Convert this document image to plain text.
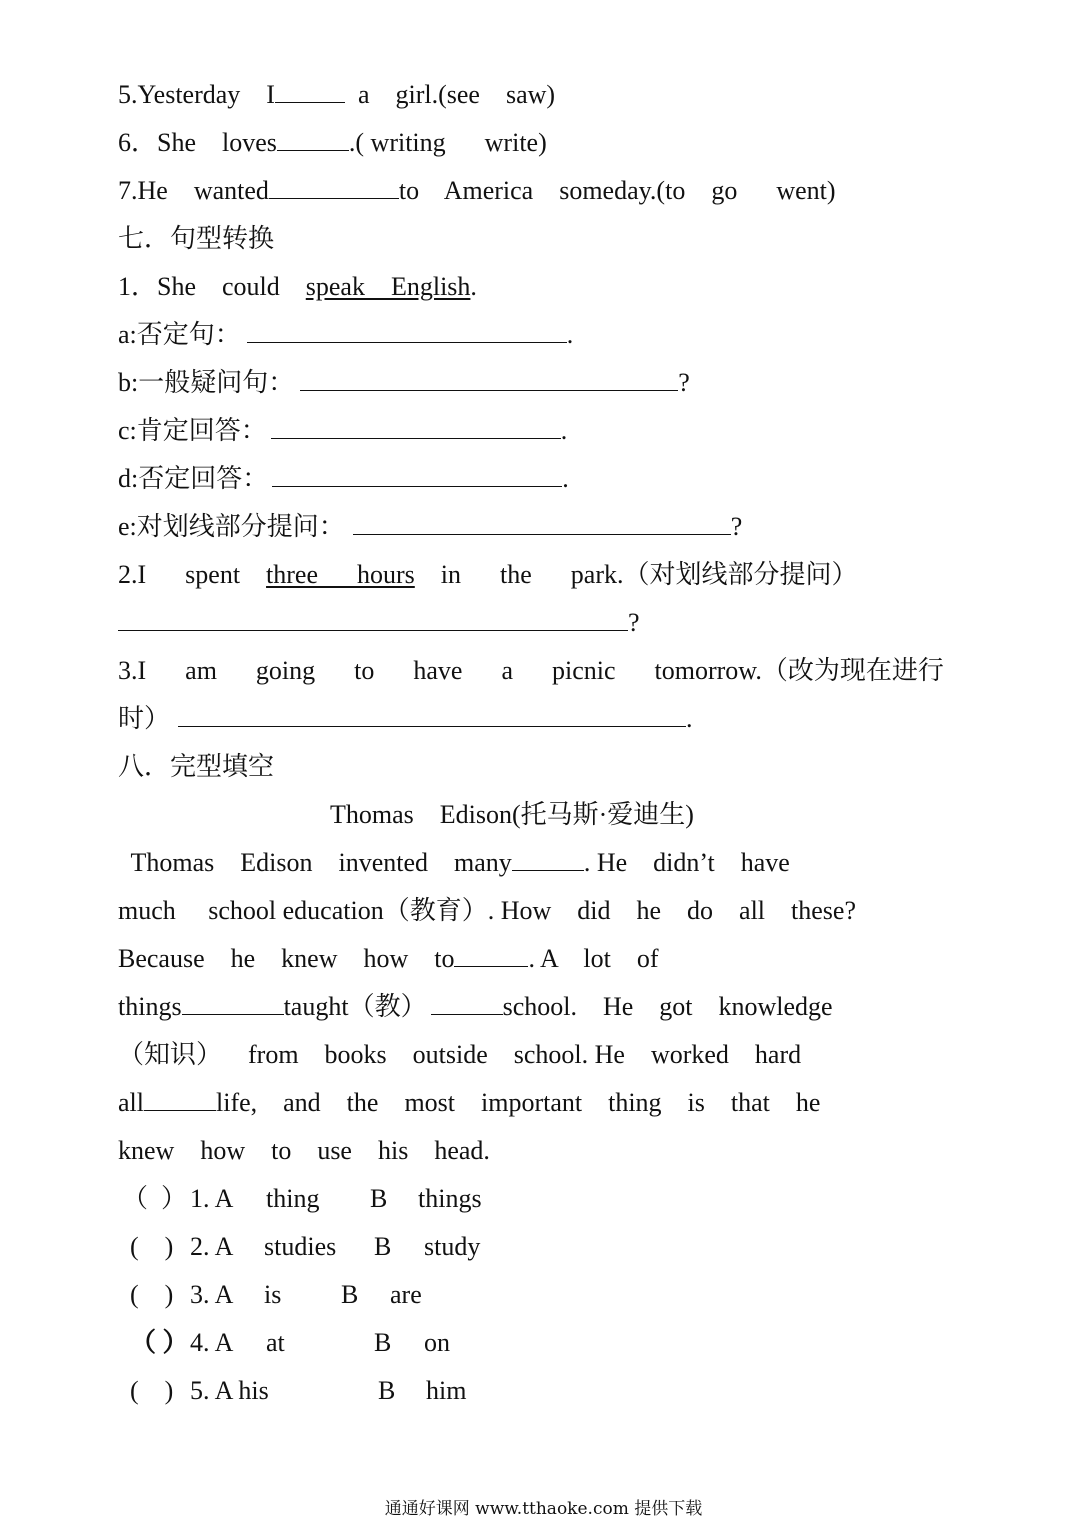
5.Yesterday    I	a    girl.(see    saw)
6．She    loves	.( writing      write)
7.He    wanted	to    America    someday.(to    go      went)
七．句型转换
1．She    could    speak    English.
a:否定句：	.
b:一般疑问句：	?
c:肯定回答：	.
d:否定回答：	.
e:对划线部分提问：	?
2.I      spent    three      hours    in      the      park.（对划线部分提问）
?
3.I      am      going      to      have      a      picnic      tomorrow.（改为现在进行
时）	.
八．完型填空
Thomas    Edison(托马斯·爱迪生)
Thomas    Edison    invented    many	. He    didn’t    have
much     school education（教育）. How    did    he    do    all    these?
Because    he    knew    how    to	. A    lot    of
things	taught（教）	school.    He    got    knowledge
（知识）    from    books    outside    school. He    worked    hard
all	life,    and    the    most    important    thing    is    that    he
knew    how    to    use    his    head.
（  ） 1. A thing B things
(    ) 2. A studies B study
(    ) 3. A is B are
（ ） 4. A at	B on
(    ) 5. A his	B him
通通好课网 www.tthaoke.com 提供下载
